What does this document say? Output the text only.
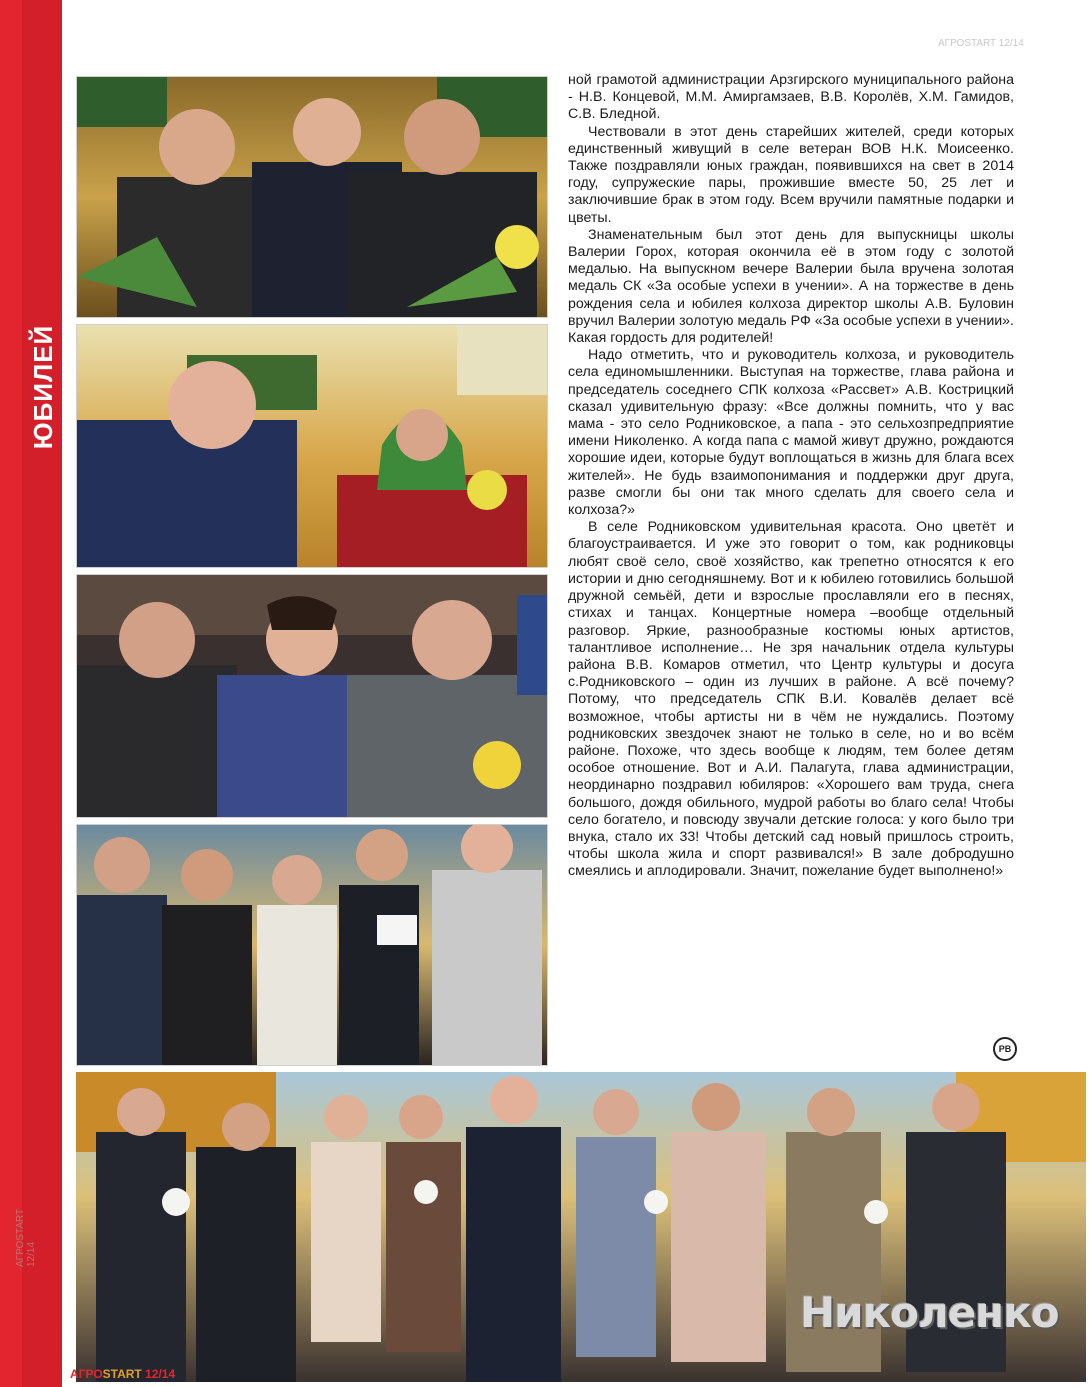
ЮБИЛЕЙ
АГРОSTART 12/14
АГРОSTART 12/14

ной грамотой администрации Арзгирского муниципального района - Н.В. Концевой, М.М. Амиргамзаев, В.В. Королёв, Х.М. Гамидов, С.В. Бледной.

Чествовали в этот день старейших жителей, среди которых единственный живущий в селе ветеран ВОВ Н.К. Моисеенко. Также поздравляли юных граждан, появившихся на свет в 2014 году, супружеские пары, прожившие вместе 50, 25 лет и заключившие брак в этом году. Всем вручили памятные подарки и цветы.

Знаменательным был этот день для выпускницы школы Валерии Горох, которая окончила её в этом году с золотой медалью. На выпускном вечере Валерии была вручена золотая медаль СК «За особые успехи в учении». А на торжестве в день рождения села и юбилея колхоза директор школы А.В. Буловин вручил Валерии золотую медаль РФ «За особые успехи в учении». Какая гордость для родителей!

Надо отметить, что и руководитель колхоза, и руководитель села единомышленники. Выступая на торжестве, глава района и председатель соседнего СПК колхоза «Рассвет» А.В. Кострицкий сказал удивительную фразу: «Все должны помнить, что у вас мама - это село Родниковское, а папа - это сельхозпредприятие имени Николенко. А когда папа с мамой живут дружно, рождаются хорошие идеи, которые будут воплощаться в жизнь для блага всех жителей». Не будь взаимопонимания и поддержки друг друга, разве смогли бы они так много сделать для своего села и колхоза?»

В селе Родниковском удивительная красота. Оно цветёт и благоустраивается. И уже это говорит о том, как родниковцы любят своё село, своё хозяйство, как трепетно относятся к его истории и дню сегодняшнему. Вот и к юбилею готовились большой дружной семьёй, дети и взрослые прославляли его в песнях, стихах и танцах. Концертные номера –вообще отдельный разговор. Яркие, разнообразные костюмы юных артистов, талантливое исполнение… Не зря начальник отдела культуры района В.В. Комаров отметил, что Центр культуры и досуга с.Родниковского – один из лучших в районе. А всё почему? Потому, что председатель СПК В.И. Ковалёв делает всё возможное, чтобы артисты ни в чём не нуждались. Поэтому родниковских звездочек знают не только в селе, но и во всём районе. Похоже, что здесь вообще к людям, тем более детям особое отношение. Вот и А.И. Палагута, глава администрации, неординарно поздравил юбиляров: «Хорошего вам труда, снега большого, дождя обильного, мудрой работы во благо села! Чтобы село богатело, и повсюду звучали детские голоса: у кого было три внука, стало их 33! Чтобы детский сад новый пришлось строить, чтобы школа жила и спорт развивался!» В зале добродушно смеялись и аплодировали. Значит, пожелание будет выполнено!»

РВ
Николенко
АГРОSTART 12/14
